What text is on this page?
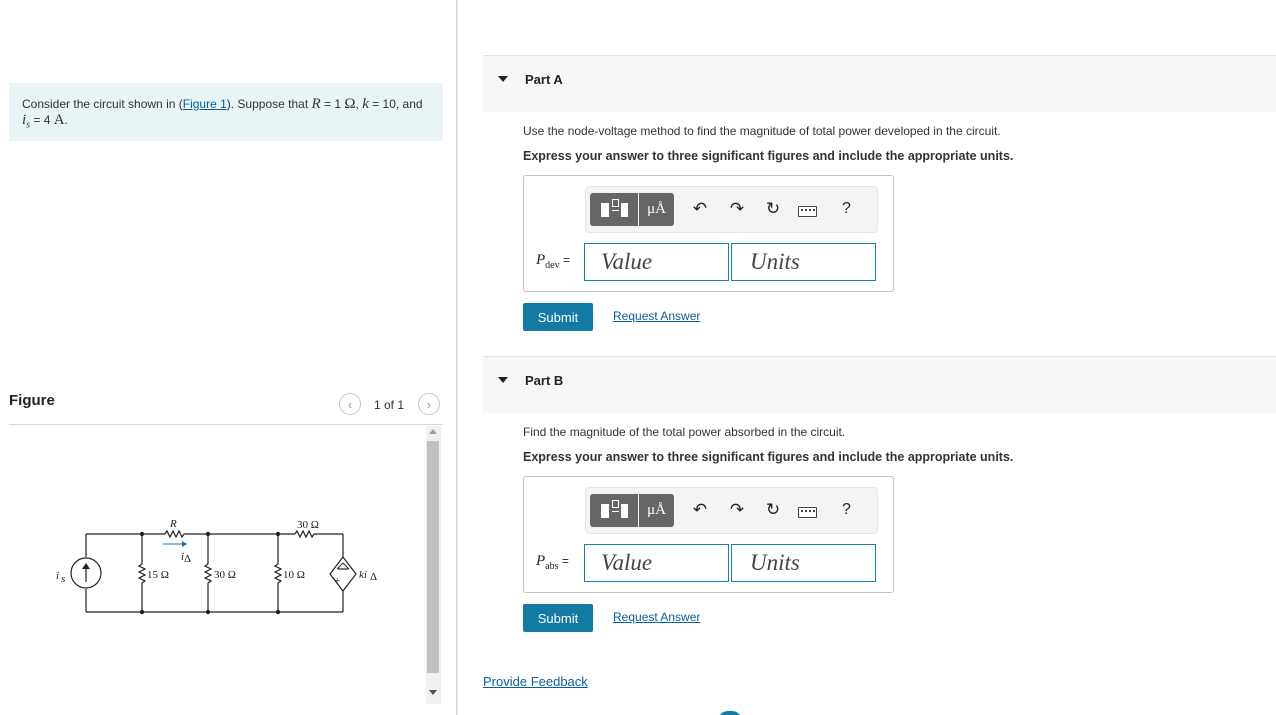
Consider the circuit shown in (Figure 1). Suppose that R = 1 Ω, k = 10, and $i_s = 4$ A.
Figure	‹	1 of 1	›
i s
R
i Δ
15 Ω	30 Ω	10 Ω
30 Ω
ki Δ
+
Part A
Use the node-voltage method to find the magnitude of total power developed in the circuit.
Express your answer to three significant figures and include the appropriate units.
μÅ	↶ ↷ ↻	?
$P_{dev}$ =	Value	Units
Submit	Request Answer
Part B
Find the magnitude of the total power absorbed in the circuit.
Express your answer to three significant figures and include the appropriate units.
μÅ	↶ ↷ ↻	?
$P_{abs}$ =	Value	Units
Submit	Request Answer
Provide Feedback
